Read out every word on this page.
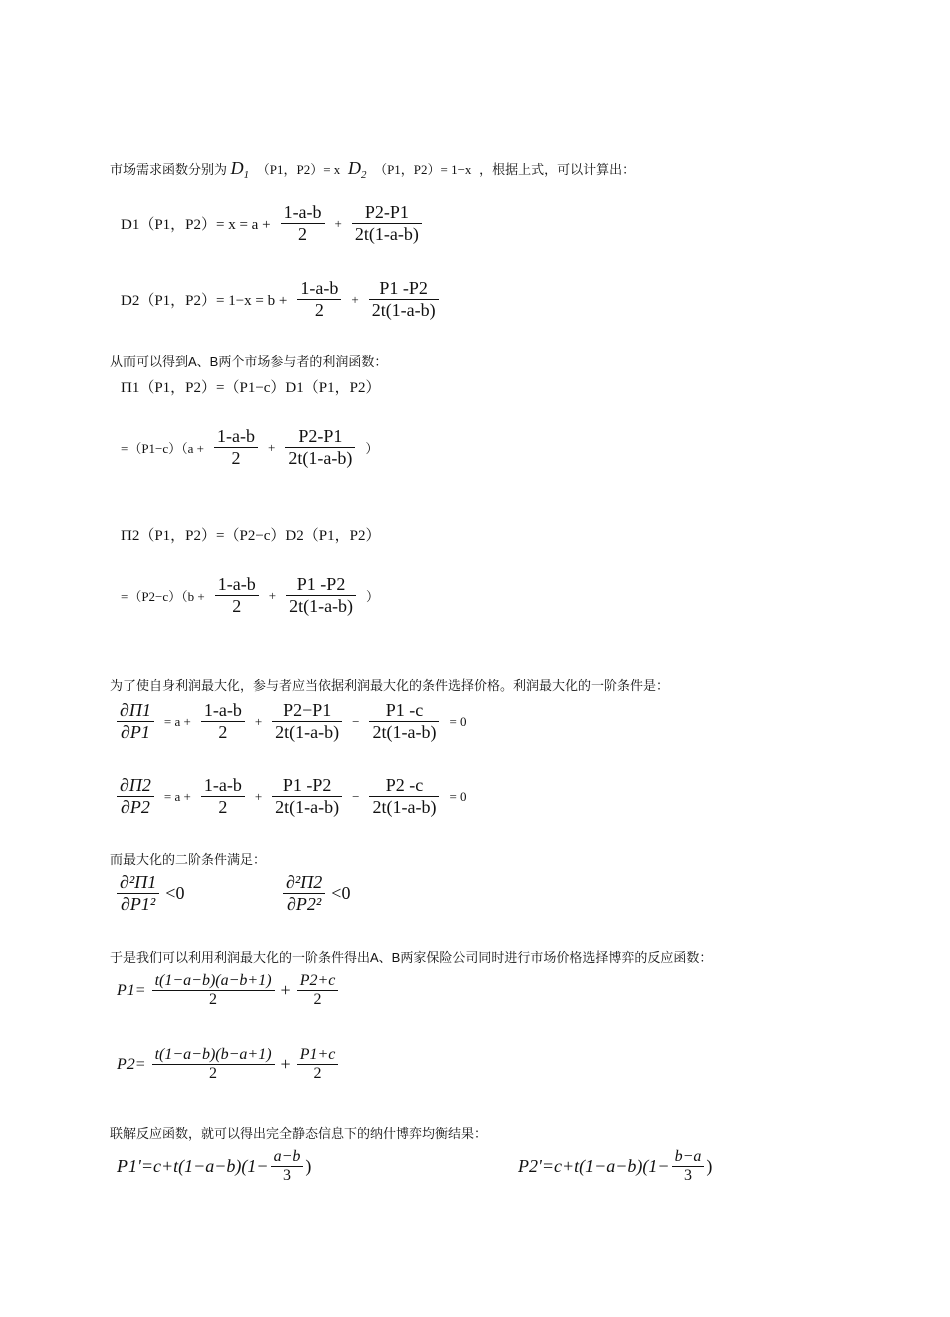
市场需求函数分别为 $D_1$ （P1，P2）= x $D_2$ （P1，P2）= 1−x ，根据上式，可以计算出：
D1（P1，$P2)= x = a + \frac{1-a-b}{2} + \frac{P2-P1}{2t(1-a-b)}$
D2（P1，$P2)= 1-x = b + \frac{1-a-b}{2} + \frac{P1 -P2}{2t(1-a-b)}$
从而可以得到A、B两个市场参与者的利润函数：
Π1（P1，P2）=（P1−c）D1（P1，P2）
$=(P1-c)(a + \frac{1-a-b}{2} + \frac{P2-P1}{2t(1-a-b)}$ ）
Π2（P1，P2）=（P2−c）D2（P1，P2）
$=(P2-c)(b + \frac{1-a-b}{2} + \frac{P1 -P2}{2t(1-a-b)}$ ）
为了使自身利润最大化，参与者应当依据利润最大化的条件选择价格。利润最大化的一阶条件是：
$\frac{\partial\Pi 1}{\partial P1} = a + \frac{1-a-b}{2} + \frac{P2-P1}{2t(1-a-b)} - \frac{P1 -c}{2t(1-a-b)} = 0$
$\frac{\partial\Pi 2}{\partial P2} = a + \frac{1-a-b}{2} + \frac{P1 -P2}{2t(1-a-b)} - \frac{P2 -c}{2t(1-a-b)} = 0$
而最大化的二阶条件满足：
$\frac{\text{∂²Π1}}{\text{∂P1²}} <0$	$\frac{\text{∂²Π2}}{\text{∂P2²}} <0$
于是我们可以利用利润最大化的一阶条件得出A、B两家保险公司同时进行市场价格选择博弈的反应函数：
$P1= \frac{t(1-a-b)(a-b+1)}{2} + \frac{P2+c}{2}$
$P2= \frac{t(1-a-b)(b-a+1)}{2} + \frac{P1+c}{2}$
联解反应函数，就可以得出完全静态信息下的纳什博弈均衡结果：
$P1'=c+t(1-a-b)(1- \frac{a-b}{3}$ )	$P2'=c+t(1-a-b)(1- \frac{b-a}{3}$ )
